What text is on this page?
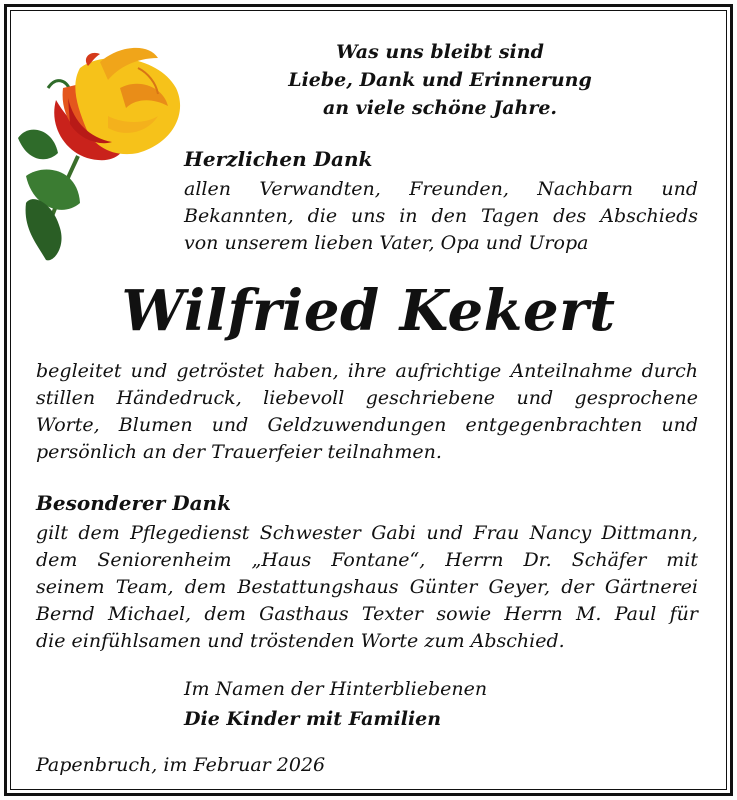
Was uns bleibt sind
Liebe, Dank und Erinnerung
an viele schöne Jahre.
Herzlichen Dank
allen Verwandten, Freunden, Nachbarn und
Bekannten, die uns in den Tagen des Abschieds
von unserem lieben Vater, Opa und Uropa
Wilfried Kekert
begleitet und getröstet haben, ihre aufrichtige Anteilnahme durch
stillen Händedruck, liebevoll geschriebene und gesprochene
Worte, Blumen und Geldzuwendungen entgegenbrachten und
persönlich an der Trauerfeier teilnahmen.
Besonderer Dank
gilt dem Pflegedienst Schwester Gabi und Frau Nancy Dittmann,
dem Seniorenheim „Haus Fontane“, Herrn Dr. Schäfer mit
seinem Team, dem Bestattungshaus Günter Geyer, der Gärtnerei
Bernd Michael, dem Gasthaus Texter sowie Herrn M. Paul für
die einfühlsamen und tröstenden Worte zum Abschied.
Im Namen der Hinterbliebenen
Die Kinder mit Familien
Papenbruch, im Februar 2026
